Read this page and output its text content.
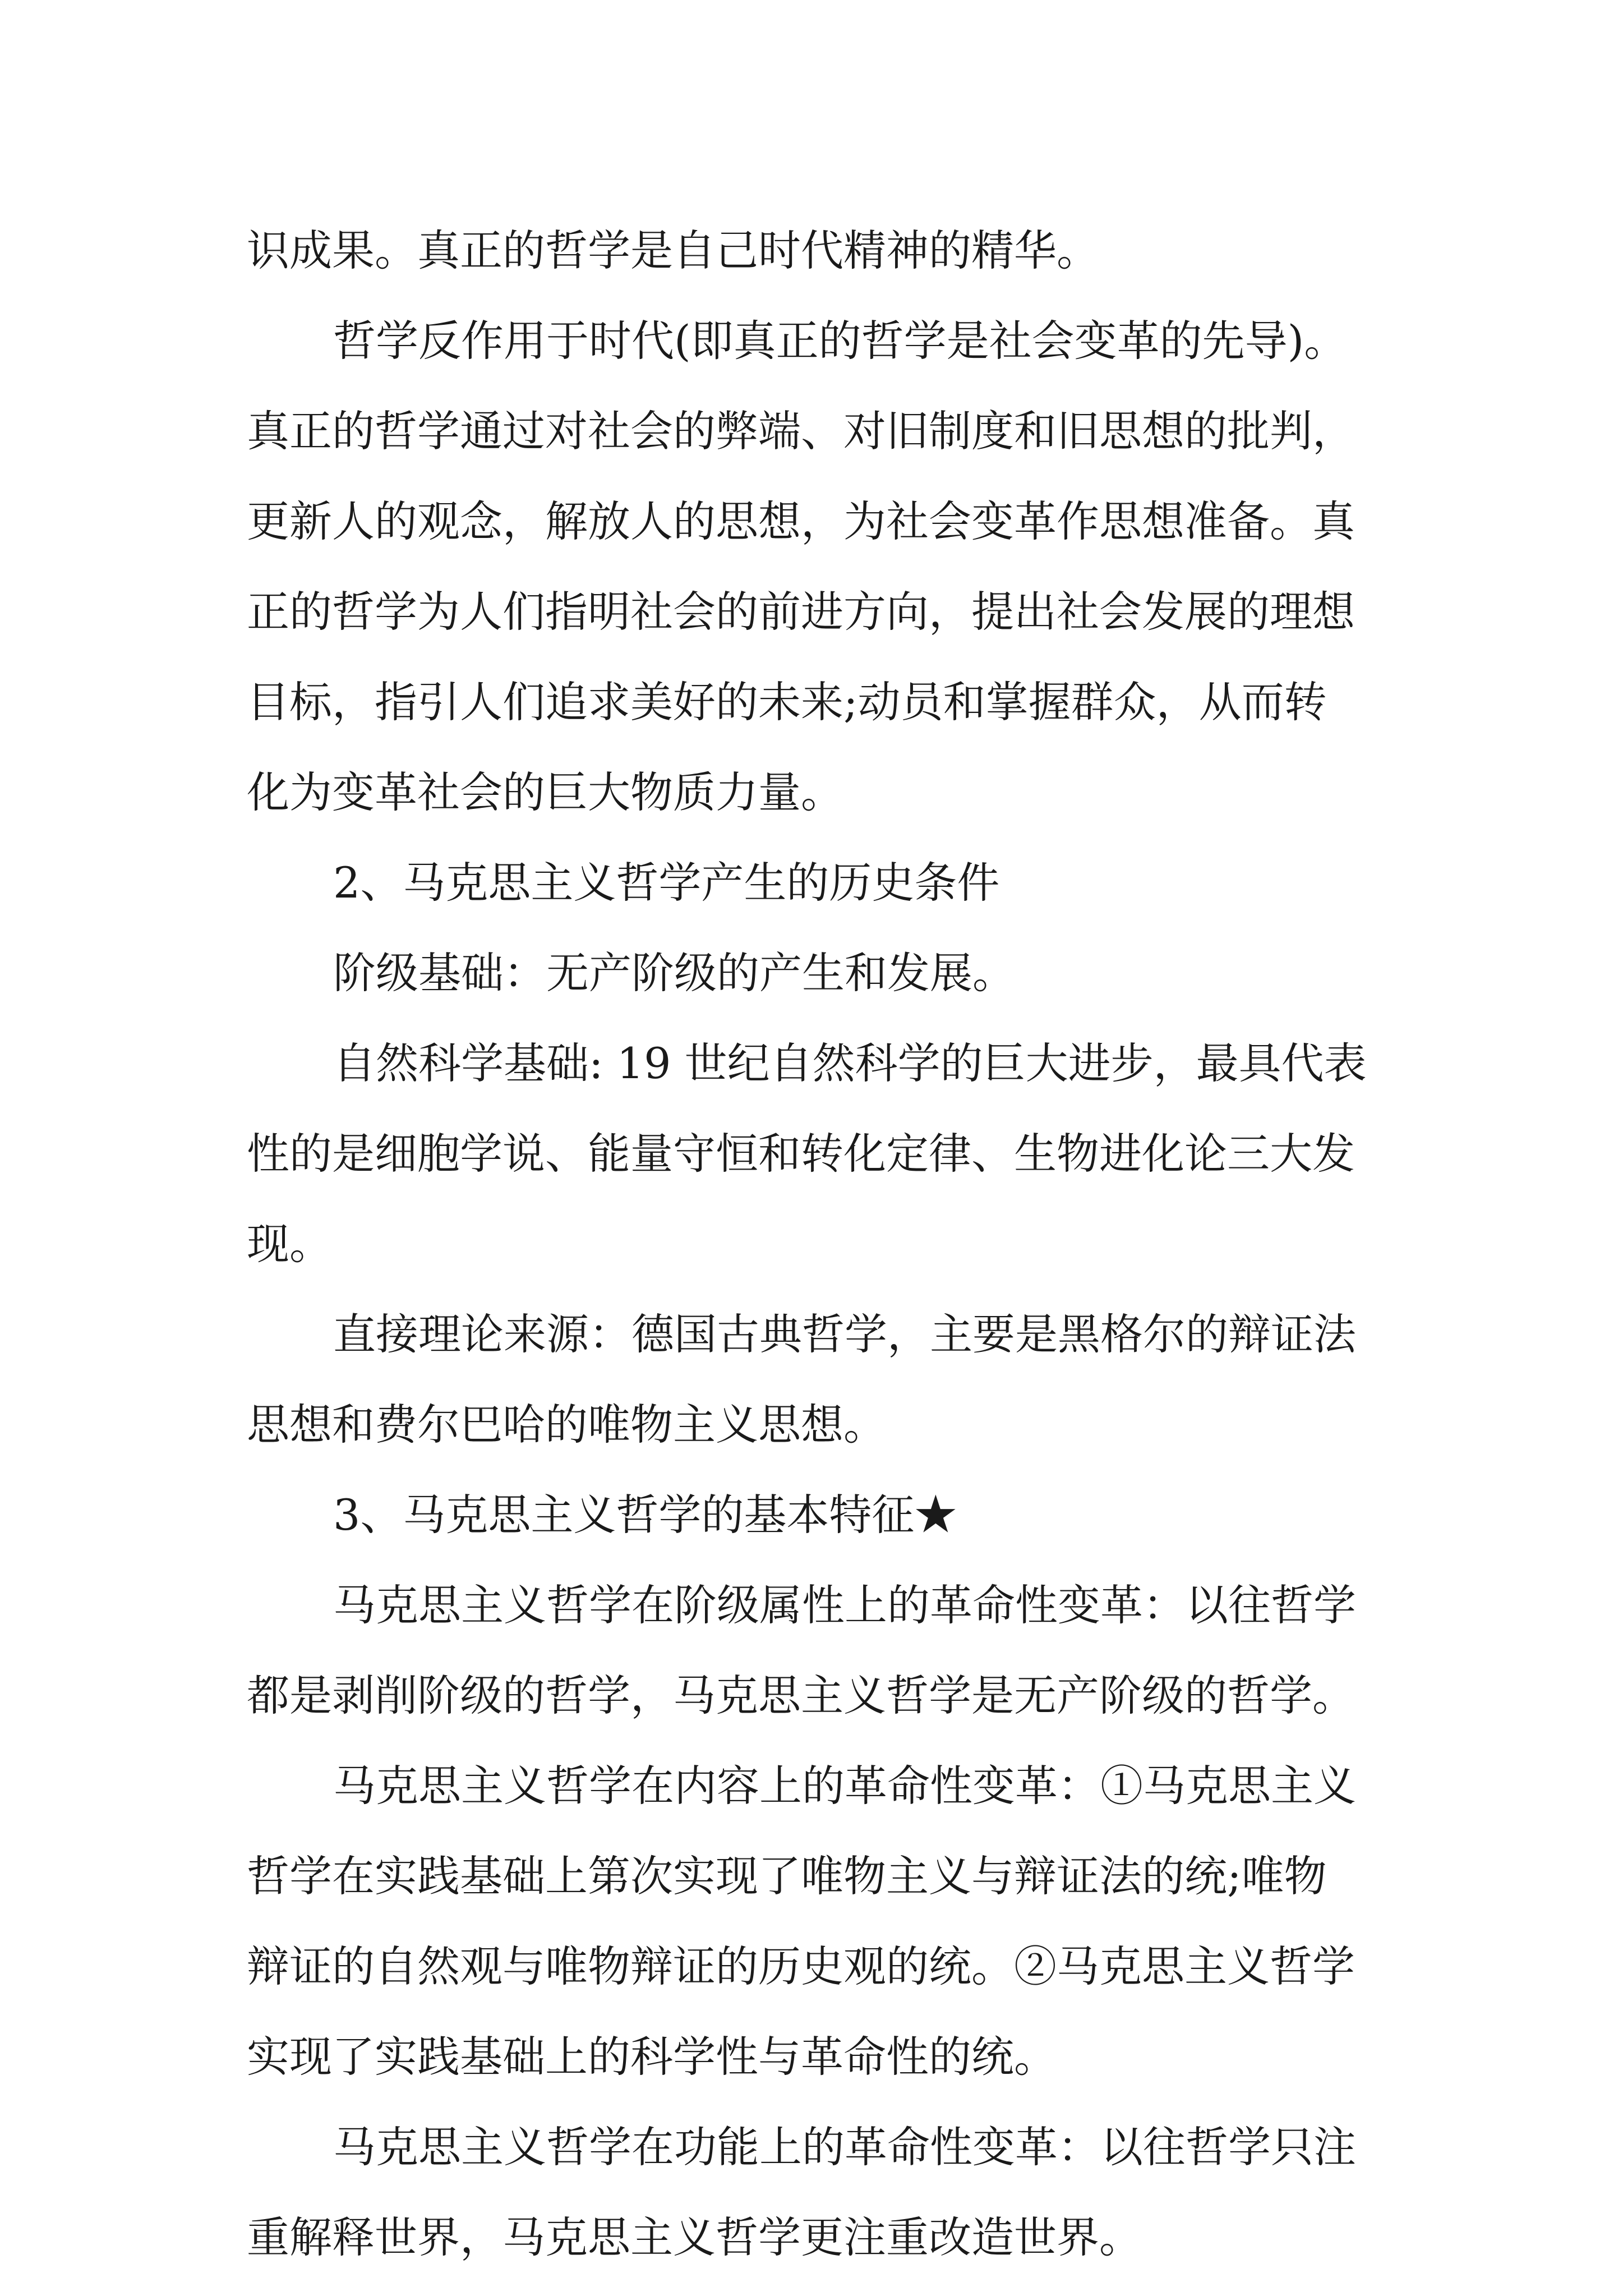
识成果。真正的哲学是自己时代精神的精华。
哲学反作用于时代(即真正的哲学是社会变革的先导)。
真正的哲学通过对社会的弊端、对旧制度和旧思想的批判，
更新人的观念，解放人的思想，为社会变革作思想准备。真
正的哲学为人们指明社会的前进方向，提出社会发展的理想
目标，指引人们追求美好的未来;动员和掌握群众，从而转
化为变革社会的巨大物质力量。
2、马克思主义哲学产生的历史条件
阶级基础：无产阶级的产生和发展。
自然科学基础: 19 世纪自然科学的巨大进步，最具代表
性的是细胞学说、能量守恒和转化定律、生物进化论三大发
现。
直接理论来源：德国古典哲学，主要是黑格尔的辩证法
思想和费尔巴哈的唯物主义思想。
3、马克思主义哲学的基本特征★
马克思主义哲学在阶级属性上的革命性变革：以往哲学
都是剥削阶级的哲学，马克思主义哲学是无产阶级的哲学。
马克思主义哲学在内容上的革命性变革：①马克思主义
哲学在实践基础上第次实现了唯物主义与辩证法的统;唯物
辩证的自然观与唯物辩证的历史观的统。②马克思主义哲学
实现了实践基础上的科学性与革命性的统。
马克思主义哲学在功能上的革命性变革：以往哲学只注
重解释世界，马克思主义哲学更注重改造世界。
